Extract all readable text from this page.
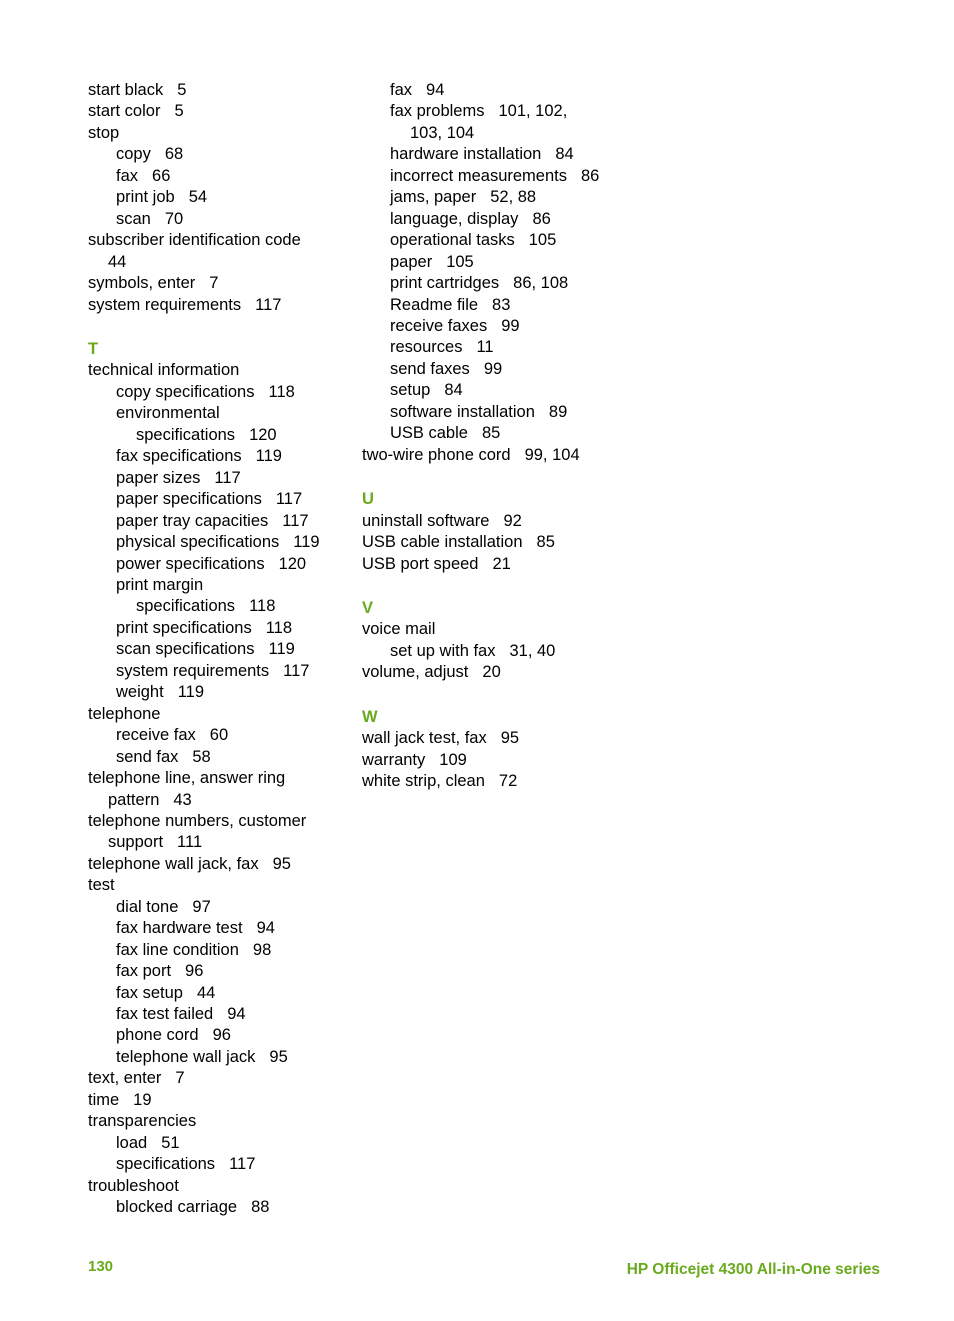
start black 5
start color 5
stop
copy 68
fax 66
print job 54
scan 70
subscriber identification code
44
symbols, enter 7
system requirements 117
T
technical information
copy specifications 118
environmental
specifications 120
fax specifications 119
paper sizes 117
paper specifications 117
paper tray capacities 117
physical specifications 119
power specifications 120
print margin
specifications 118
print specifications 118
scan specifications 119
system requirements 117
weight 119
telephone
receive fax 60
send fax 58
telephone line, answer ring
pattern 43
telephone numbers, customer
support 111
telephone wall jack, fax 95
test
dial tone 97
fax hardware test 94
fax line condition 98
fax port 96
fax setup 44
fax test failed 94
phone cord 96
telephone wall jack 95
text, enter 7
time 19
transparencies
load 51
specifications 117
troubleshoot
blocked carriage 88
fax 94
fax problems 101, 102,
103, 104
hardware installation 84
incorrect measurements 86
jams, paper 52, 88
language, display 86
operational tasks 105
paper 105
print cartridges 86, 108
Readme file 83
receive faxes 99
resources 11
send faxes 99
setup 84
software installation 89
USB cable 85
two-wire phone cord 99, 104
U
uninstall software 92
USB cable installation 85
USB port speed 21
V
voice mail
set up with fax 31, 40
volume, adjust 20
W
wall jack test, fax 95
warranty 109
white strip, clean 72
130	HP Officejet 4300 All-in-One series
